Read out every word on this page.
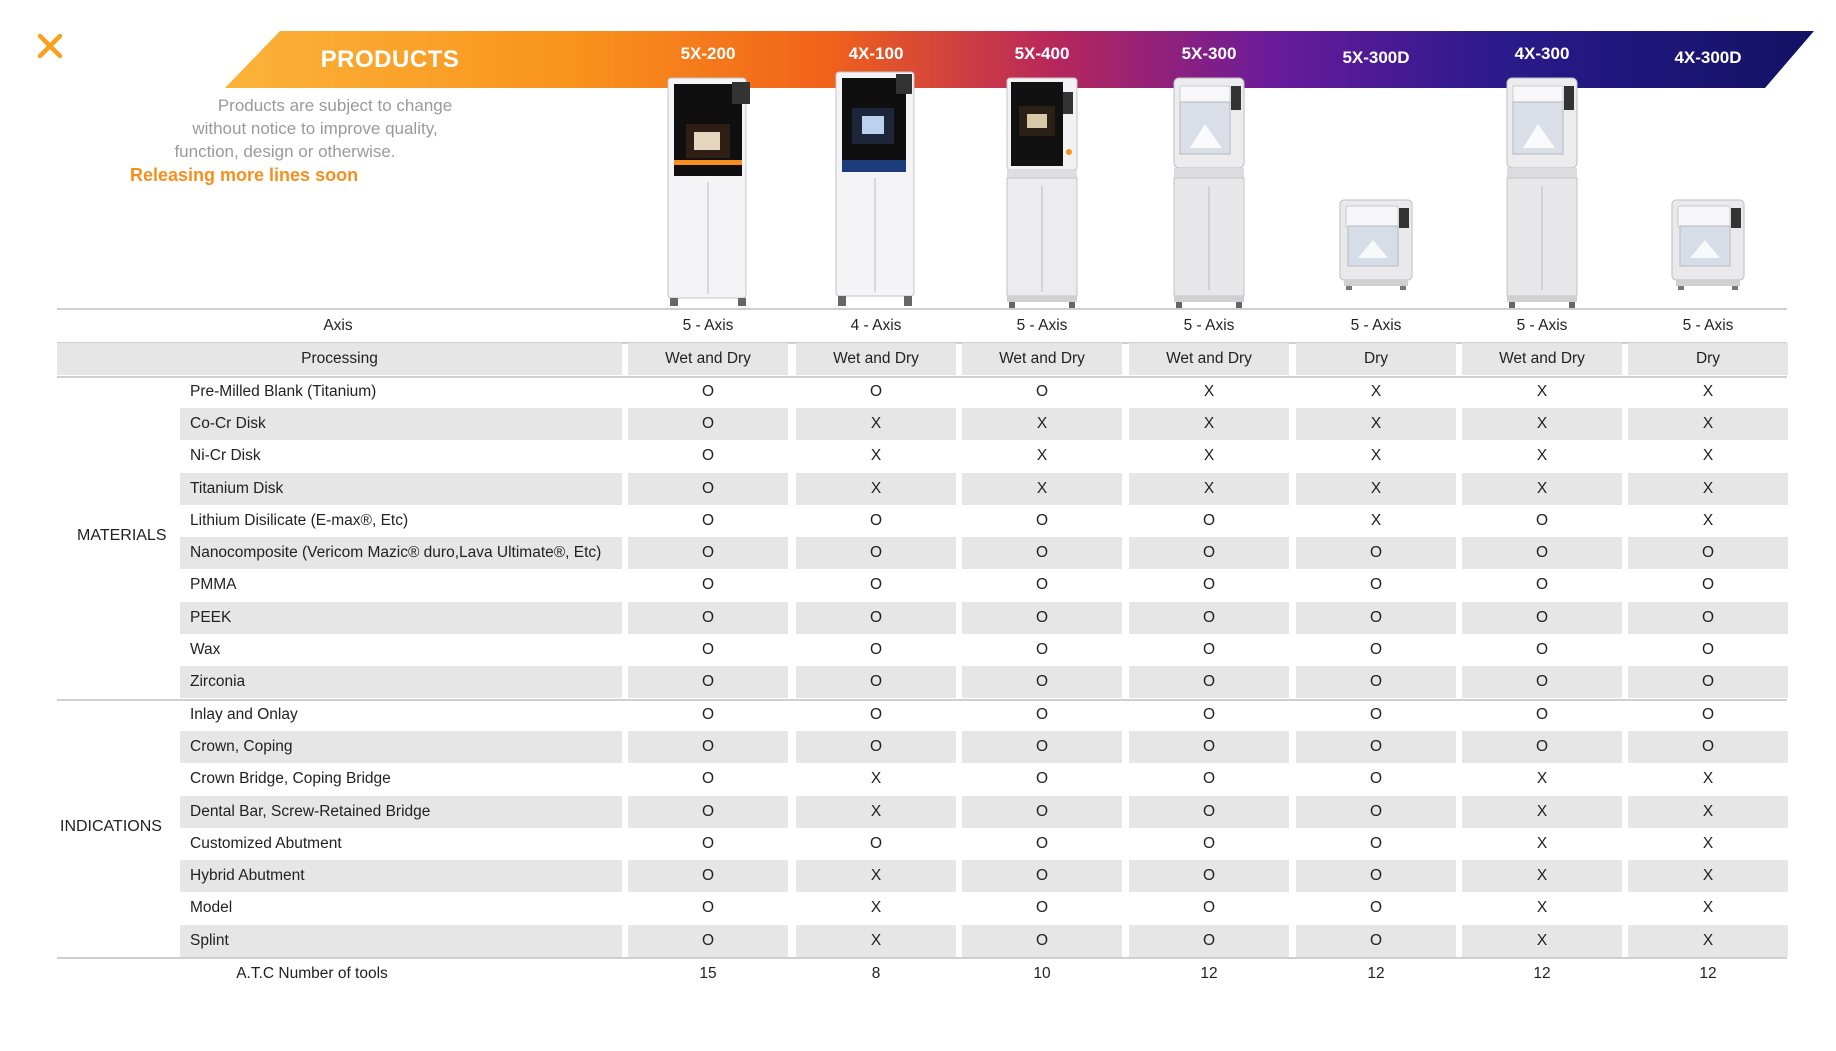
PRODUCTS	5X-200	4X-100	5X-400	5X-300	5X-300D	4X-300	4X-300D
Products are subject to change
without notice to improve quality,
function, design or otherwise.
Releasing more lines soon
Axis	5 - Axis	4 - Axis	5 - Axis	5 - Axis	5 - Axis	5 - Axis	5 - Axis
Processing	Wet and Dry	Wet and Dry	Wet and Dry	Wet and Dry	Dry	Wet and Dry	Dry
Pre-Milled Blank (Titanium)	O	O	O	X	X	X	X
Co-Cr Disk	O	X	X	X	X	X	X
Ni-Cr Disk	O	X	X	X	X	X	X
Titanium Disk	O	X	X	X	X	X	X
Lithium Disilicate (E-max®, Etc)	O	O	O	O	X	O	X
Nanocomposite (Vericom Mazic® duro,Lava Ultimate®, Etc)	O	O	O	O	O	O	O
PMMA	O	O	O	O	O	O	O
PEEK	O	O	O	O	O	O	O
Wax	O	O	O	O	O	O	O
Zirconia	O	O	O	O	O	O	O
Inlay and Onlay	O	O	O	O	O	O	O
Crown, Coping	O	O	O	O	O	O	O
Crown Bridge, Coping Bridge	O	X	O	O	O	X	X
Dental Bar, Screw-Retained Bridge	O	X	O	O	O	X	X
Customized Abutment	O	O	O	O	O	X	X
Hybrid Abutment	O	X	O	O	O	X	X
Model	O	X	O	O	O	X	X
Splint	O	X	O	O	O	X	X
A.T.C Number of tools	15	8	10	12	12	12	12
MATERIALS
INDICATIONS
